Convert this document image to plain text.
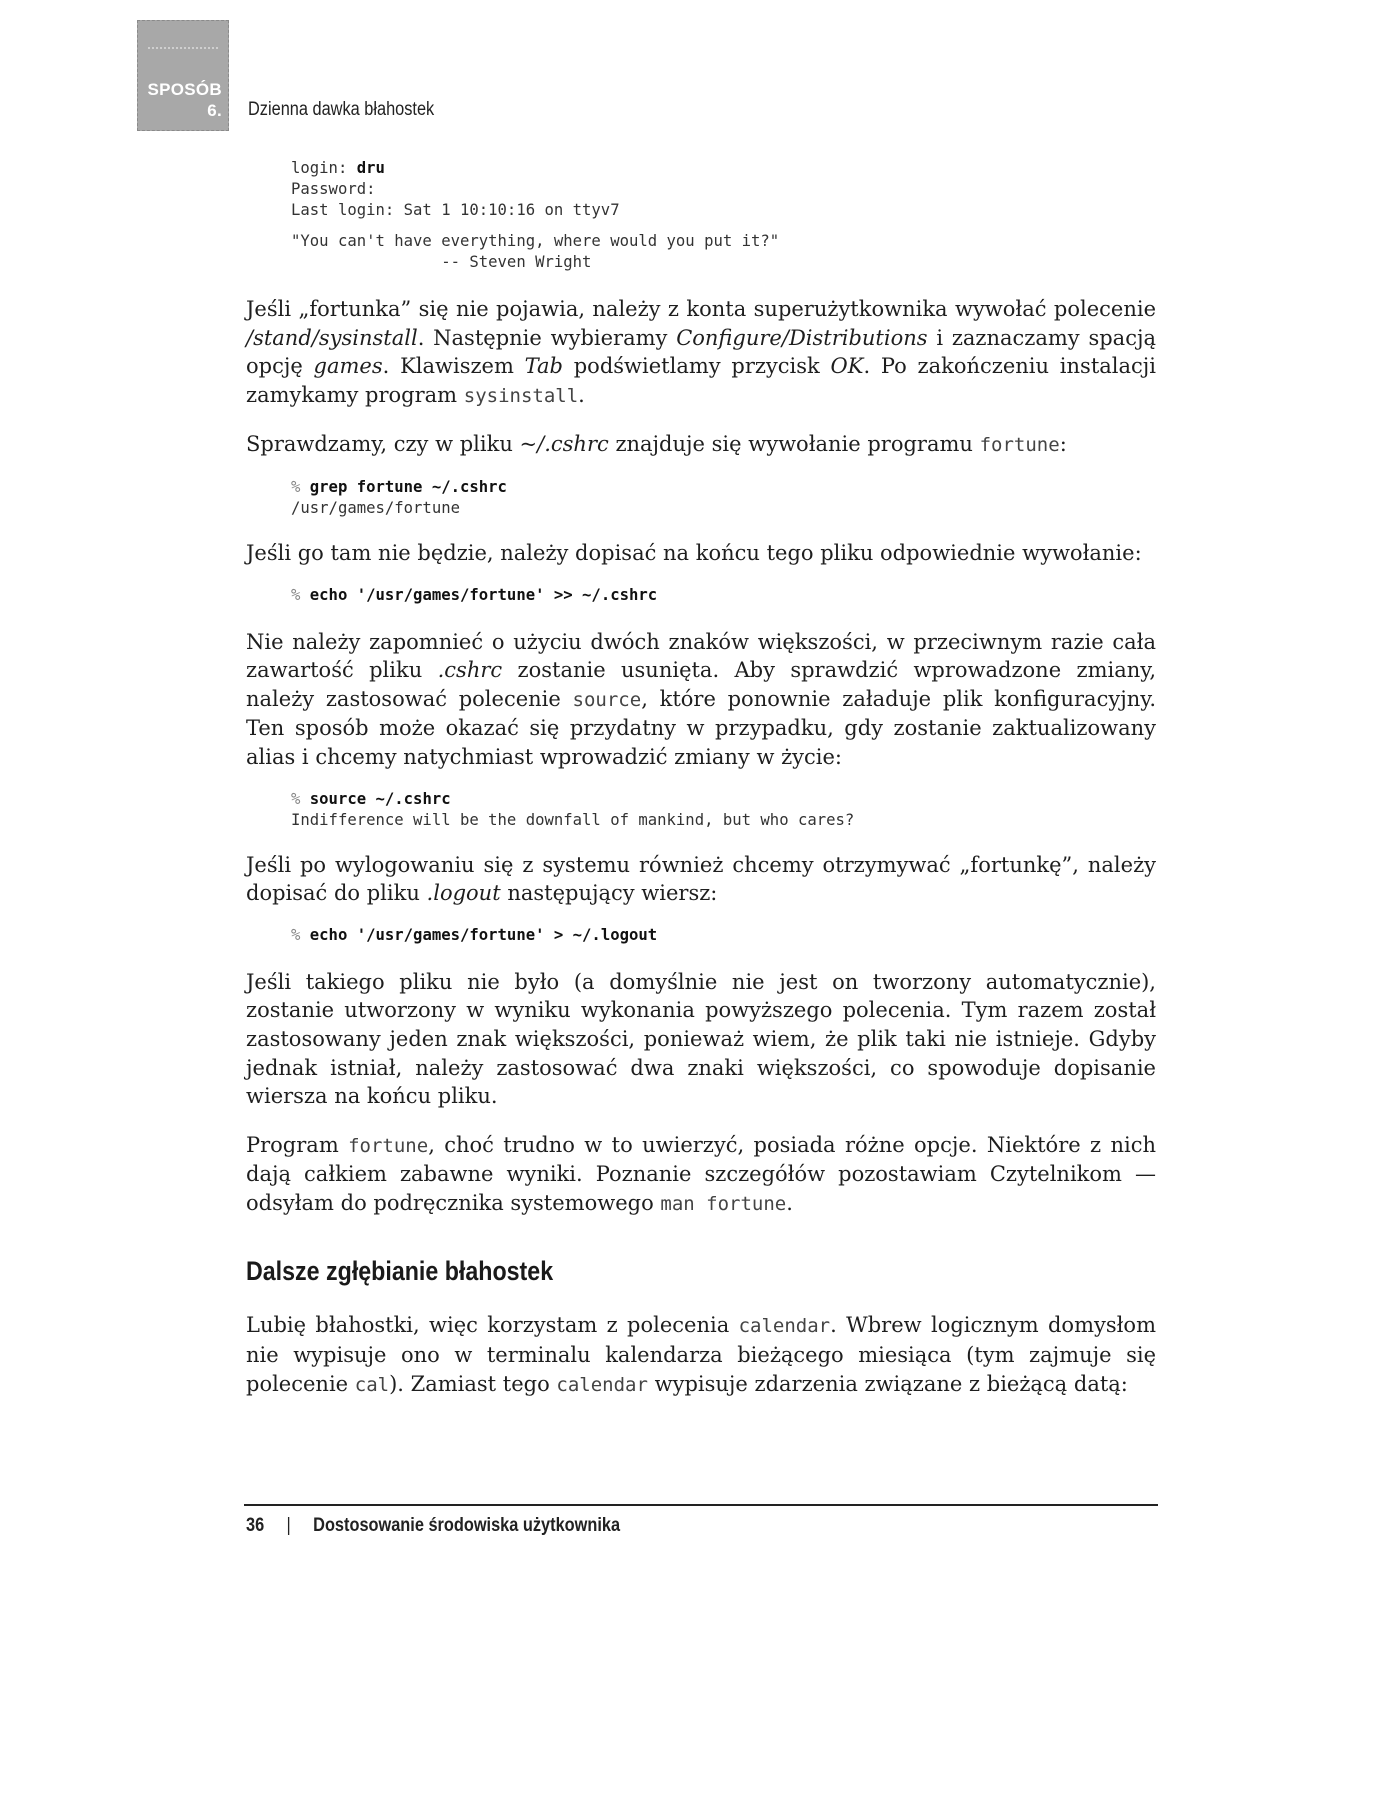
SPOSÓB
6. Dzienna dawka błahostek
login: dru
Password:
Last login: Sat 1 10:10:16 on ttyv7

"You can't have everything, where would you put it?"
-- Steven Wright

Jeśli „fortunka” się nie pojawia, należy z konta superużytkownika wywołać polecenie /stand/sysinstall. Następnie wybieramy Configure/Distributions i zaznaczamy spacją opcję games. Klawiszem Tab podświetlamy przycisk OK. Po zakończeniu instalacji zamykamy program sysinstall.

Sprawdzamy, czy w pliku ~/.cshrc znajduje się wywołanie programu fortune:

% grep fortune ~/.cshrc
/usr/games/fortune

Jeśli go tam nie będzie, należy dopisać na końcu tego pliku odpowiednie wywołanie:

% echo '/usr/games/fortune' >> ~/.cshrc

Nie należy zapomnieć o użyciu dwóch znaków większości, w przeciwnym razie cała zawartość pliku .cshrc zostanie usunięta. Aby sprawdzić wprowadzone zmiany, należy zastosować polecenie source, które ponownie załaduje plik konfiguracyjny. Ten sposób może okazać się przydatny w przypadku, gdy zostanie zaktualizowany alias i chcemy natychmiast wprowadzić zmiany w życie:

% source ~/.cshrc
Indifference will be the downfall of mankind, but who cares?

Jeśli po wylogowaniu się z systemu również chcemy otrzymywać „fortunkę”, należy dopisać do pliku .logout następujący wiersz:

% echo '/usr/games/fortune' > ~/.logout

Jeśli takiego pliku nie było (a domyślnie nie jest on tworzony automatycznie), zostanie utworzony w wyniku wykonania powyższego polecenia. Tym razem został zastosowany jeden znak większości, ponieważ wiem, że plik taki nie istnieje. Gdyby jednak istniał, należy zastosować dwa znaki większości, co spowoduje dopisanie wiersza na końcu pliku.

Program fortune, choć trudno w to uwierzyć, posiada różne opcje. Niektóre z nich dają całkiem zabawne wyniki. Poznanie szczegółów pozostawiam Czytelnikom — odsyłam do podręcznika systemowego man fortune.

Dalsze zgłębianie błahostek

Lubię błahostki, więc korzystam z polecenia calendar. Wbrew logicznym domysłom nie wypisuje ono w terminalu kalendarza bieżącego miesiąca (tym zajmuje się polecenie cal). Zamiast tego calendar wypisuje zdarzenia związane z bieżącą datą:

36 | Dostosowanie środowiska użytkownika
